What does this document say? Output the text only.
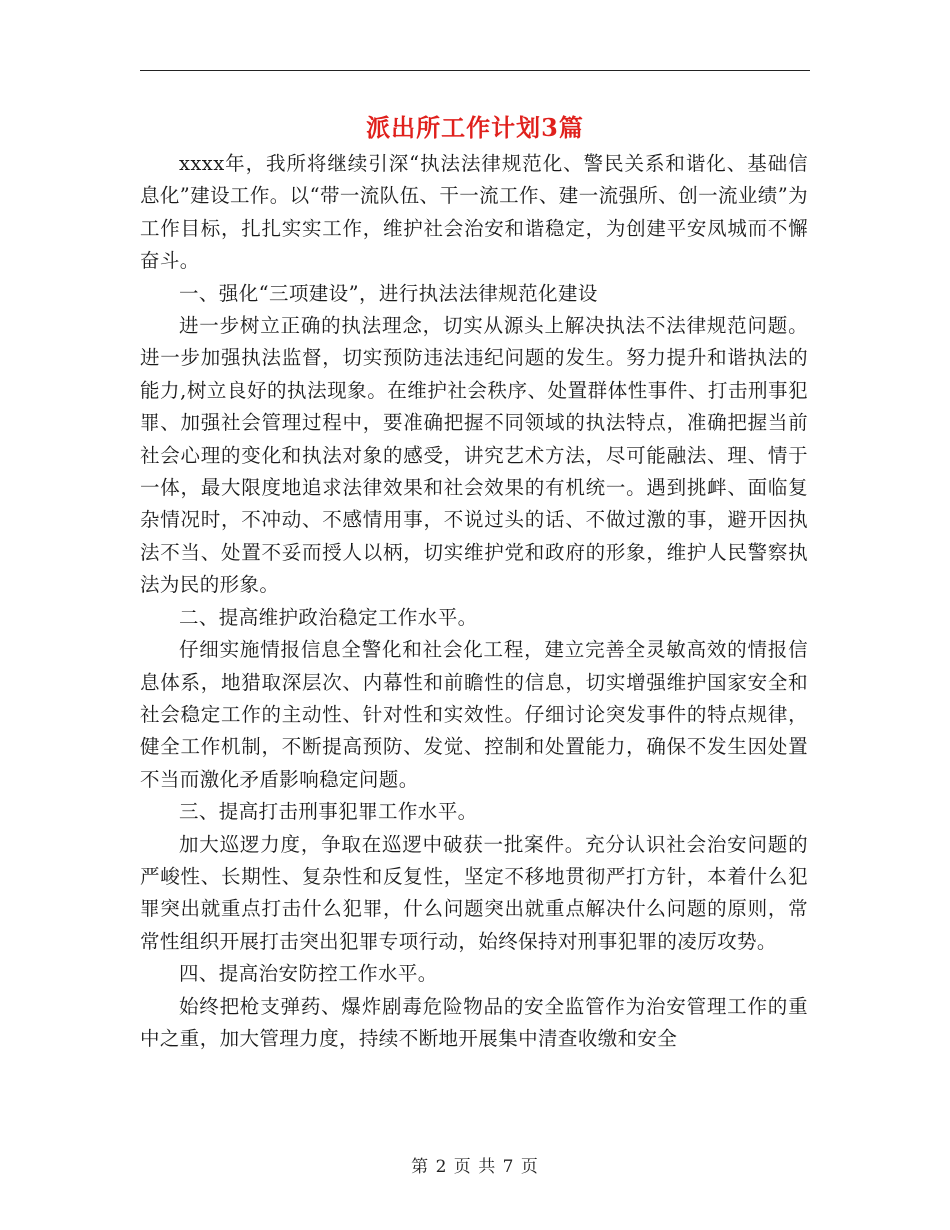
派出所工作计划3篇

xxxx年，我所将继续引深“执法法律规范化、警民关系和谐化、基础信息化”建设工作。以“带一流队伍、干一流工作、建一流强所、创一流业绩”为工作目标，扎扎实实工作，维护社会治安和谐稳定，为创建平安凤城而不懈奋斗。

一、强化“三项建设”，进行执法法律规范化建设

进一步树立正确的执法理念，切实从源头上解决执法不法律规范问题。进一步加强执法监督，切实预防违法违纪问题的发生。努力提升和谐执法的能力,树立良好的执法现象。在维护社会秩序、处置群体性事件、打击刑事犯罪、加强社会管理过程中，要准确把握不同领域的执法特点，准确把握当前社会心理的变化和执法对象的感受，讲究艺术方法，尽可能融法、理、情于一体，最大限度地追求法律效果和社会效果的有机统一。遇到挑衅、面临复杂情况时，不冲动、不感情用事，不说过头的话、不做过激的事，避开因执法不当、处置不妥而授人以柄，切实维护党和政府的形象，维护人民警察执法为民的形象。

二、提高维护政治稳定工作水平。

仔细实施情报信息全警化和社会化工程，建立完善全灵敏高效的情报信息体系，地猎取深层次、内幕性和前瞻性的信息，切实增强维护国家安全和社会稳定工作的主动性、针对性和实效性。仔细讨论突发事件的特点规律，健全工作机制，不断提高预防、发觉、控制和处置能力，确保不发生因处置不当而激化矛盾影响稳定问题。

三、提高打击刑事犯罪工作水平。

加大巡逻力度，争取在巡逻中破获一批案件。充分认识社会治安问题的严峻性、长期性、复杂性和反复性，坚定不移地贯彻严打方针，本着什么犯罪突出就重点打击什么犯罪，什么问题突出就重点解决什么问题的原则，常常性组织开展打击突出犯罪专项行动，始终保持对刑事犯罪的凌厉攻势。

四、提高治安防控工作水平。

始终把枪支弹药、爆炸剧毒危险物品的安全监管作为治安管理工作的重中之重，加大管理力度，持续不断地开展集中清查收缴和安全

第 2 页 共 7 页
